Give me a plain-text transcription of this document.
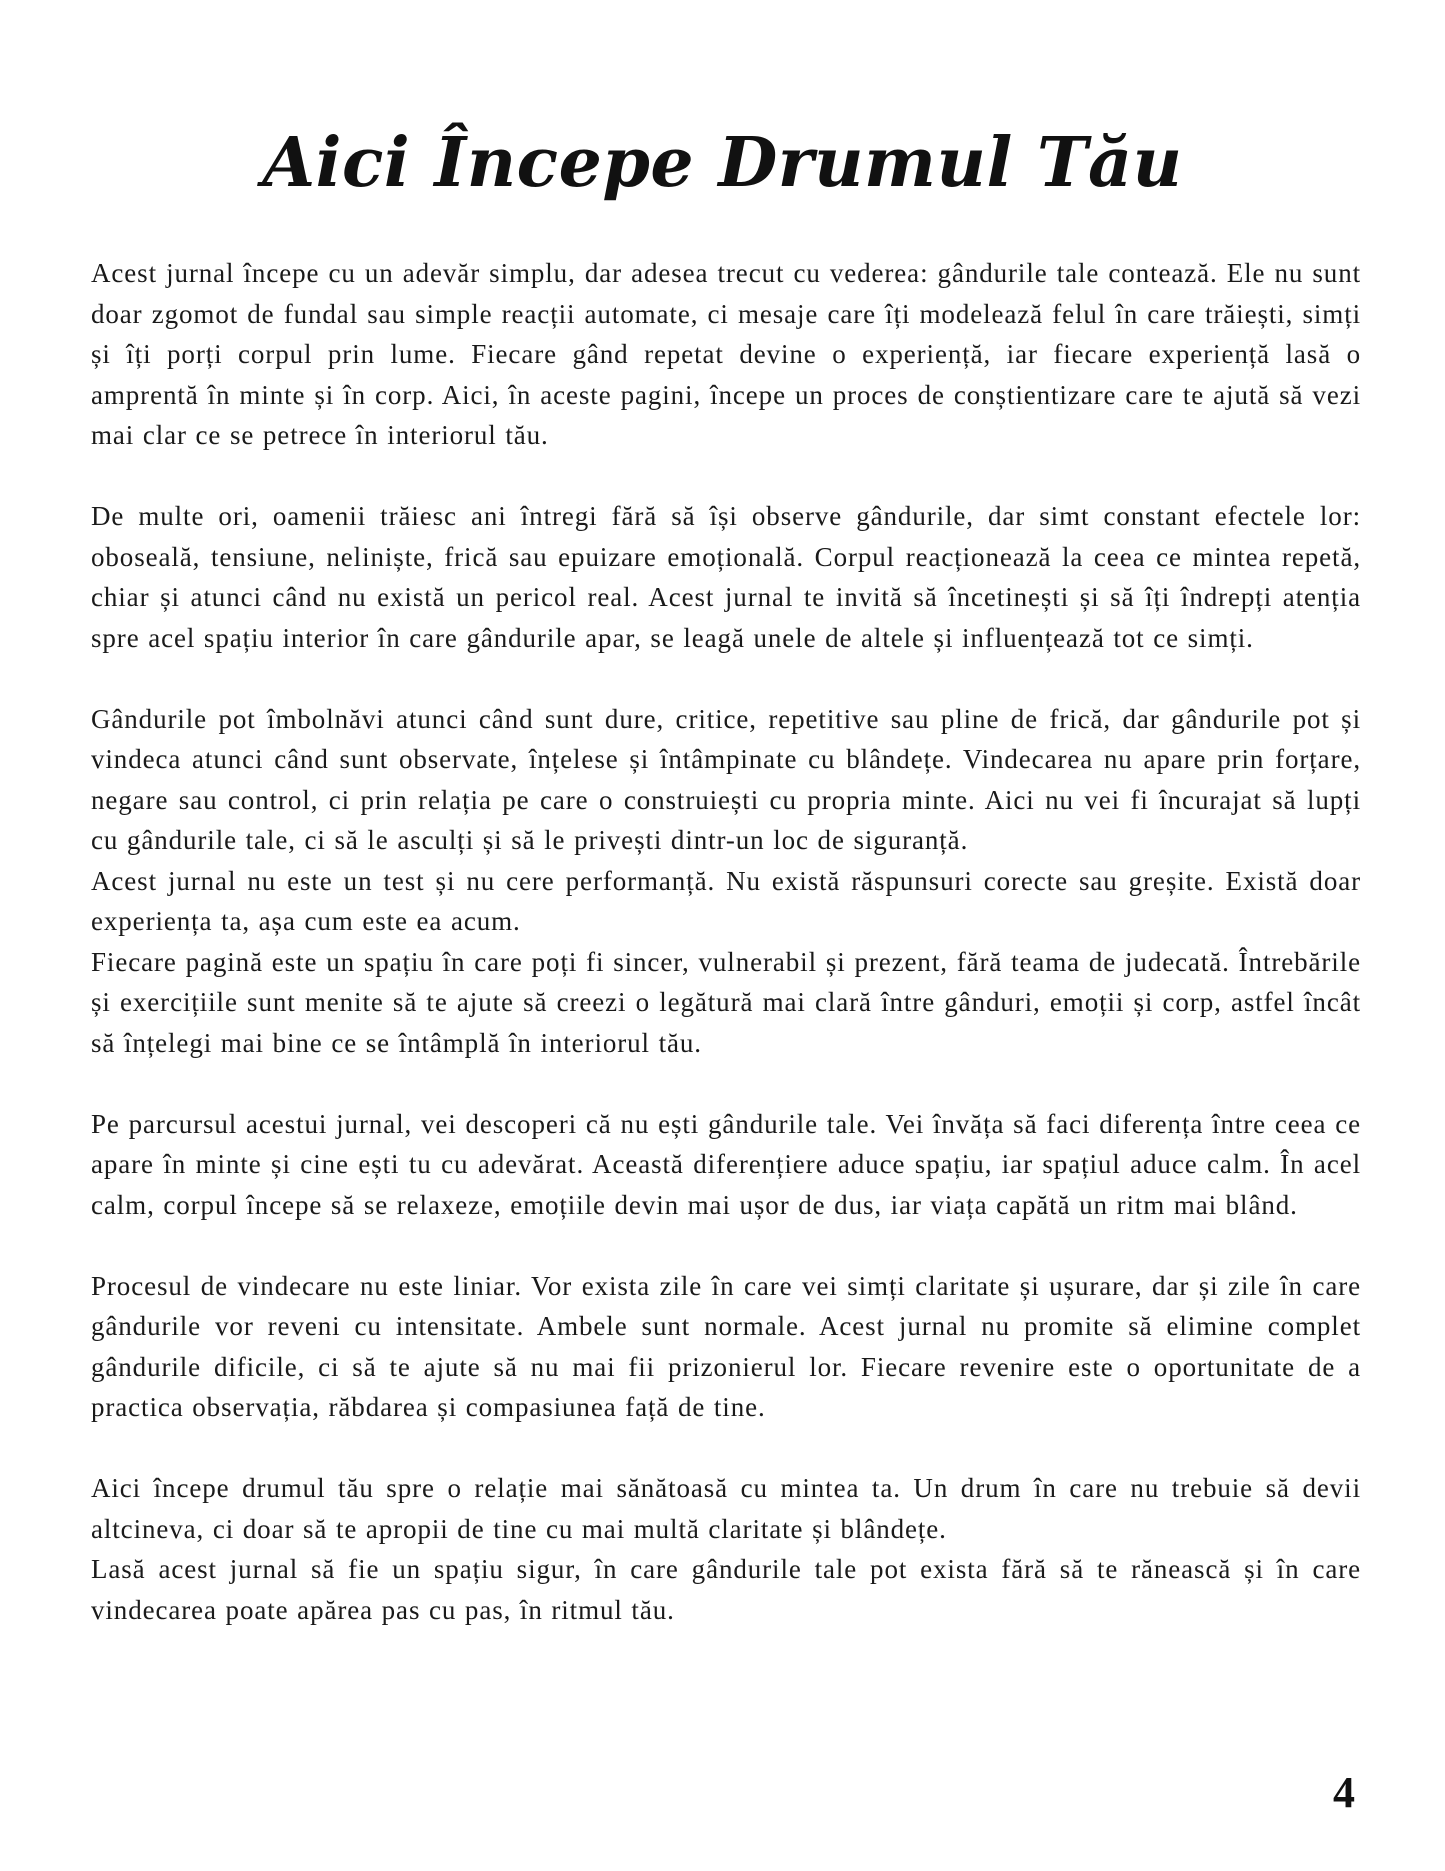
Aici Începe Drumul Tău

Acest jurnal începe cu un adevăr simplu, dar adesea trecut cu vederea: gândurile tale contează. Ele nu sunt doar zgomot de fundal sau simple reacții automate, ci mesaje care îți modelează felul în care trăiești, simți și îți porți corpul prin lume. Fiecare gând repetat devine o experiență, iar fiecare experiență lasă o amprentă în minte și în corp. Aici, în aceste pagini, începe un proces de conștientizare care te ajută să vezi mai clar ce se petrece în interiorul tău.

De multe ori, oamenii trăiesc ani întregi fără să își observe gândurile, dar simt constant efectele lor: oboseală, tensiune, neliniște, frică sau epuizare emoțională. Corpul reacționează la ceea ce mintea repetă, chiar și atunci când nu există un pericol real. Acest jurnal te invită să încetinești și să îți îndrepți atenția spre acel spațiu interior în care gândurile apar, se leagă unele de altele și influențează tot ce simți.

Gândurile pot îmbolnăvi atunci când sunt dure, critice, repetitive sau pline de frică, dar gândurile pot și vindeca atunci când sunt observate, înțelese și întâmpinate cu blândețe. Vindecarea nu apare prin forțare, negare sau control, ci prin relația pe care o construiești cu propria minte. Aici nu vei fi încurajat să lupți cu gândurile tale, ci să le asculți și să le privești dintr-un loc de siguranță.

Acest jurnal nu este un test și nu cere performanță. Nu există răspunsuri corecte sau greșite. Există doar experiența ta, așa cum este ea acum.

Fiecare pagină este un spațiu în care poți fi sincer, vulnerabil și prezent, fără teama de judecată. Întrebările și exercițiile sunt menite să te ajute să creezi o legătură mai clară între gânduri, emoții și corp, astfel încât să înțelegi mai bine ce se întâmplă în interiorul tău.

Pe parcursul acestui jurnal, vei descoperi că nu ești gândurile tale. Vei învăța să faci diferența între ceea ce apare în minte și cine ești tu cu adevărat. Această diferențiere aduce spațiu, iar spațiul aduce calm. În acel calm, corpul începe să se relaxeze, emoțiile devin mai ușor de dus, iar viața capătă un ritm mai blând.

Procesul de vindecare nu este liniar. Vor exista zile în care vei simți claritate și ușurare, dar și zile în care gândurile vor reveni cu intensitate. Ambele sunt normale. Acest jurnal nu promite să elimine complet gândurile dificile, ci să te ajute să nu mai fii prizonierul lor. Fiecare revenire este o oportunitate de a practica observația, răbdarea și compasiunea față de tine.

Aici începe drumul tău spre o relație mai sănătoasă cu mintea ta. Un drum în care nu trebuie să devii altcineva, ci doar să te apropii de tine cu mai multă claritate și blândețe.

Lasă acest jurnal să fie un spațiu sigur, în care gândurile tale pot exista fără să te rănească și în care vindecarea poate apărea pas cu pas, în ritmul tău.

4
